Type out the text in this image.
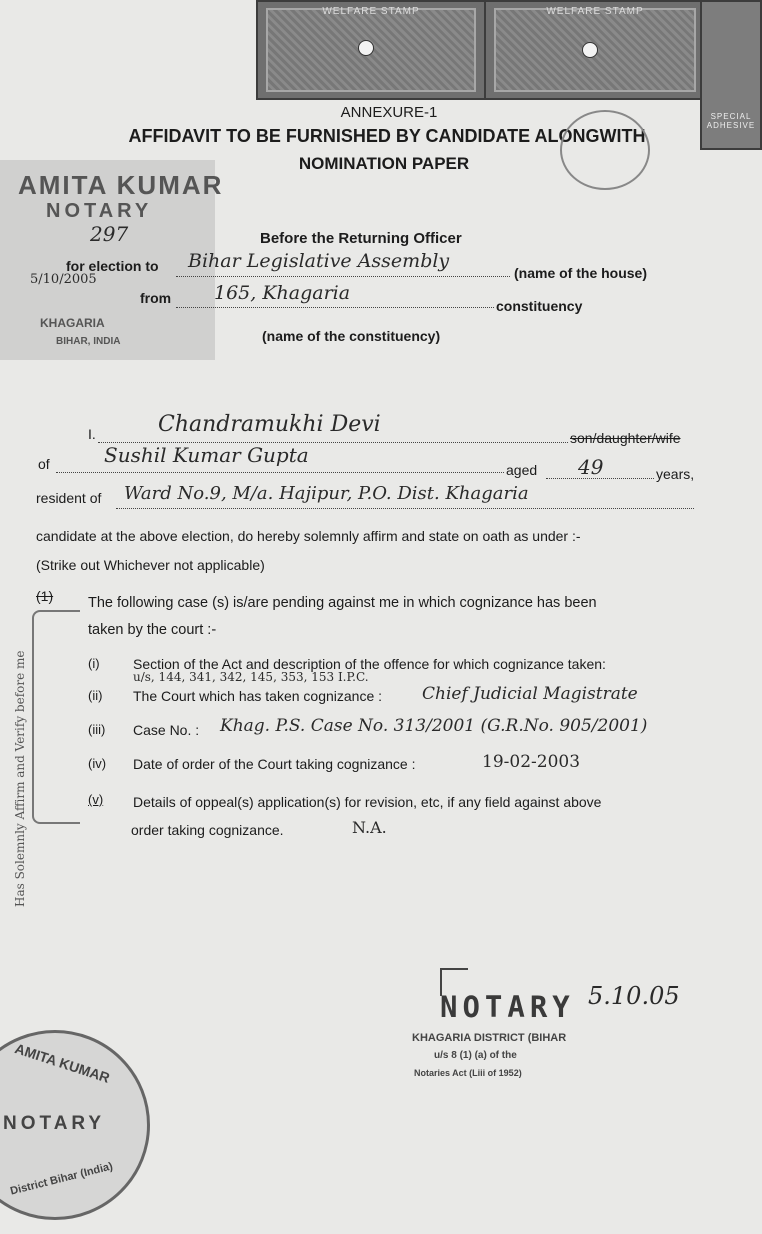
WELFARE STAMP	WELFARE STAMP
SPECIAL ADHESIVE
ANNEXURE-1
AFFIDAVIT TO BE FURNISHED BY CANDIDATE ALONGWITH
NOMINATION PAPER
AMITA KUMAR
NOTARY
297
5/10/2005
KHAGARIA
BIHAR, INDIA
Before the Returning Officer
for election to Bihar Legislative Assembly
(name of the house)
from 165, Khagaria
constituency
(name of the constituency)
I.	Chandramukhi Devi
son/daughter/wife
of	Sushil Kumar Gupta
aged 49	years,
resident of Ward No.9, M/a. Hajipur, P.O. Dist. Khagaria
candidate at the above election, do hereby solemnly affirm and state on oath as under :-
(Strike out Whichever not applicable)
(1) The following case (s) is/are pending against me in which cognizance has been
taken by the court :-
(i) Section of the Act and description of the offence for which cognizance taken:
u/s, 144, 341, 342, 145, 353, 153 I.P.C.
(ii) The Court which has taken cognizance : Chief Judicial Magistrate
(iii) Case No. : Khag. P.S. Case No. 313/2001 (G.R.No. 905/2001)
(iv) Date of order of the Court taking cognizance :	19-02-2003
(v) Details of oppeal(s) application(s) for revision, etc, if any field against above
order taking cognizance.	N.A.
Has Solemnly Affirm and Verify before me
NOTARY 5.10.05
KHAGARIA DISTRICT (BIHAR
u/s 8 (1) (a) of the
Notaries Act (Liii of 1952)
AMITA KUMAR
NOTARY
District Bihar (India)
